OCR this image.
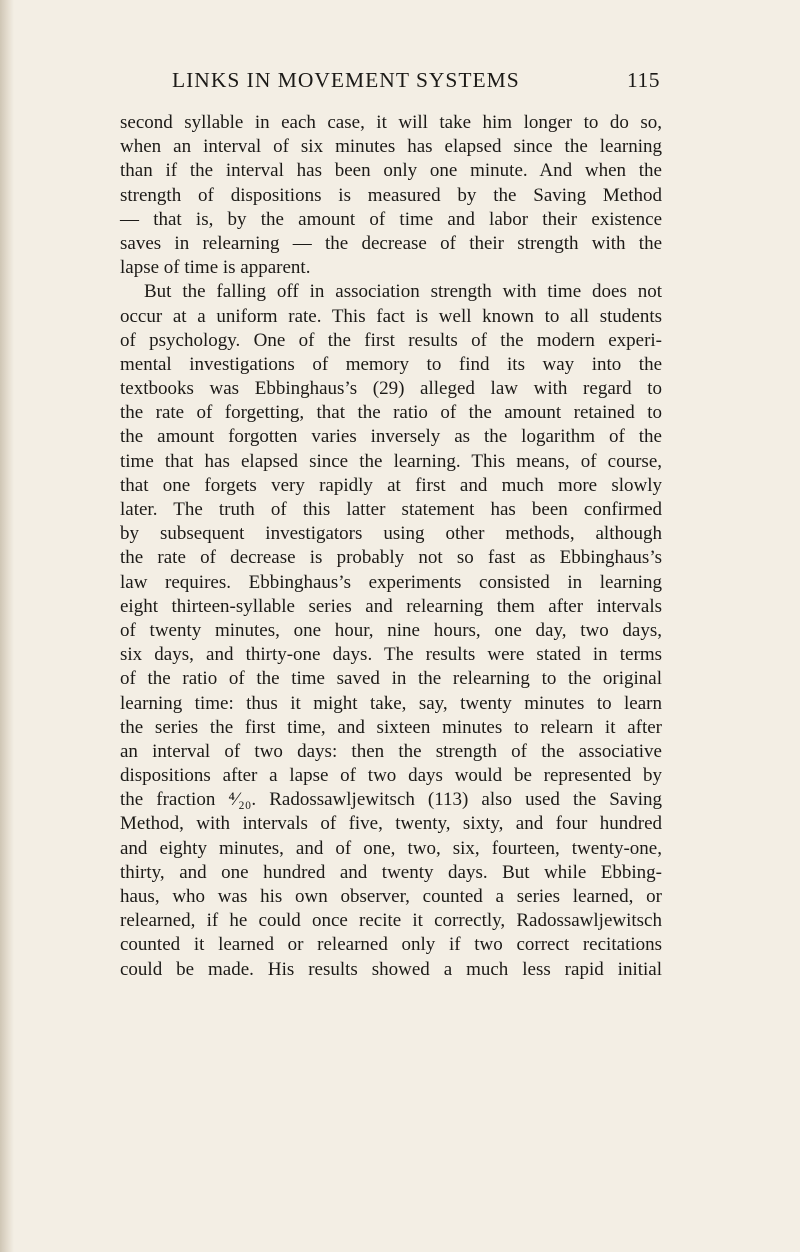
LINKS IN MOVEMENT SYSTEMS	115
second syllable in each case, it will take him longer to do so,
when an interval of six minutes has elapsed since the learning
than if the interval has been only one minute. And when the
strength of dispositions is measured by the Saving Method
— that is, by the amount of time and labor their existence
saves in relearning — the decrease of their strength with the
lapse of time is apparent.
But the falling off in association strength with time does not
occur at a uniform rate. This fact is well known to all students
of psychology. One of the first results of the modern experi-
mental investigations of memory to find its way into the
textbooks was Ebbinghaus’s (29) alleged law with regard to
the rate of forgetting, that the ratio of the amount retained to
the amount forgotten varies inversely as the logarithm of the
time that has elapsed since the learning. This means, of course,
that one forgets very rapidly at first and much more slowly
later. The truth of this latter statement has been confirmed
by subsequent investigators using other methods, although
the rate of decrease is probably not so fast as Ebbinghaus’s
law requires. Ebbinghaus’s experiments consisted in learning
eight thirteen-syllable series and relearning them after intervals
of twenty minutes, one hour, nine hours, one day, two days,
six days, and thirty-one days. The results were stated in terms
of the ratio of the time saved in the relearning to the original
learning time: thus it might take, say, twenty minutes to learn
the series the first time, and sixteen minutes to relearn it after
an interval of two days: then the strength of the associative
dispositions after a lapse of two days would be represented by
the fraction ⁴⁄₂₀. Radossawljewitsch (113) also used the Saving
Method, with intervals of five, twenty, sixty, and four hundred
and eighty minutes, and of one, two, six, fourteen, twenty-one,
thirty, and one hundred and twenty days. But while Ebbing-
haus, who was his own observer, counted a series learned, or
relearned, if he could once recite it correctly, Radossawljewitsch
counted it learned or relearned only if two correct recitations
could be made. His results showed a much less rapid initial
